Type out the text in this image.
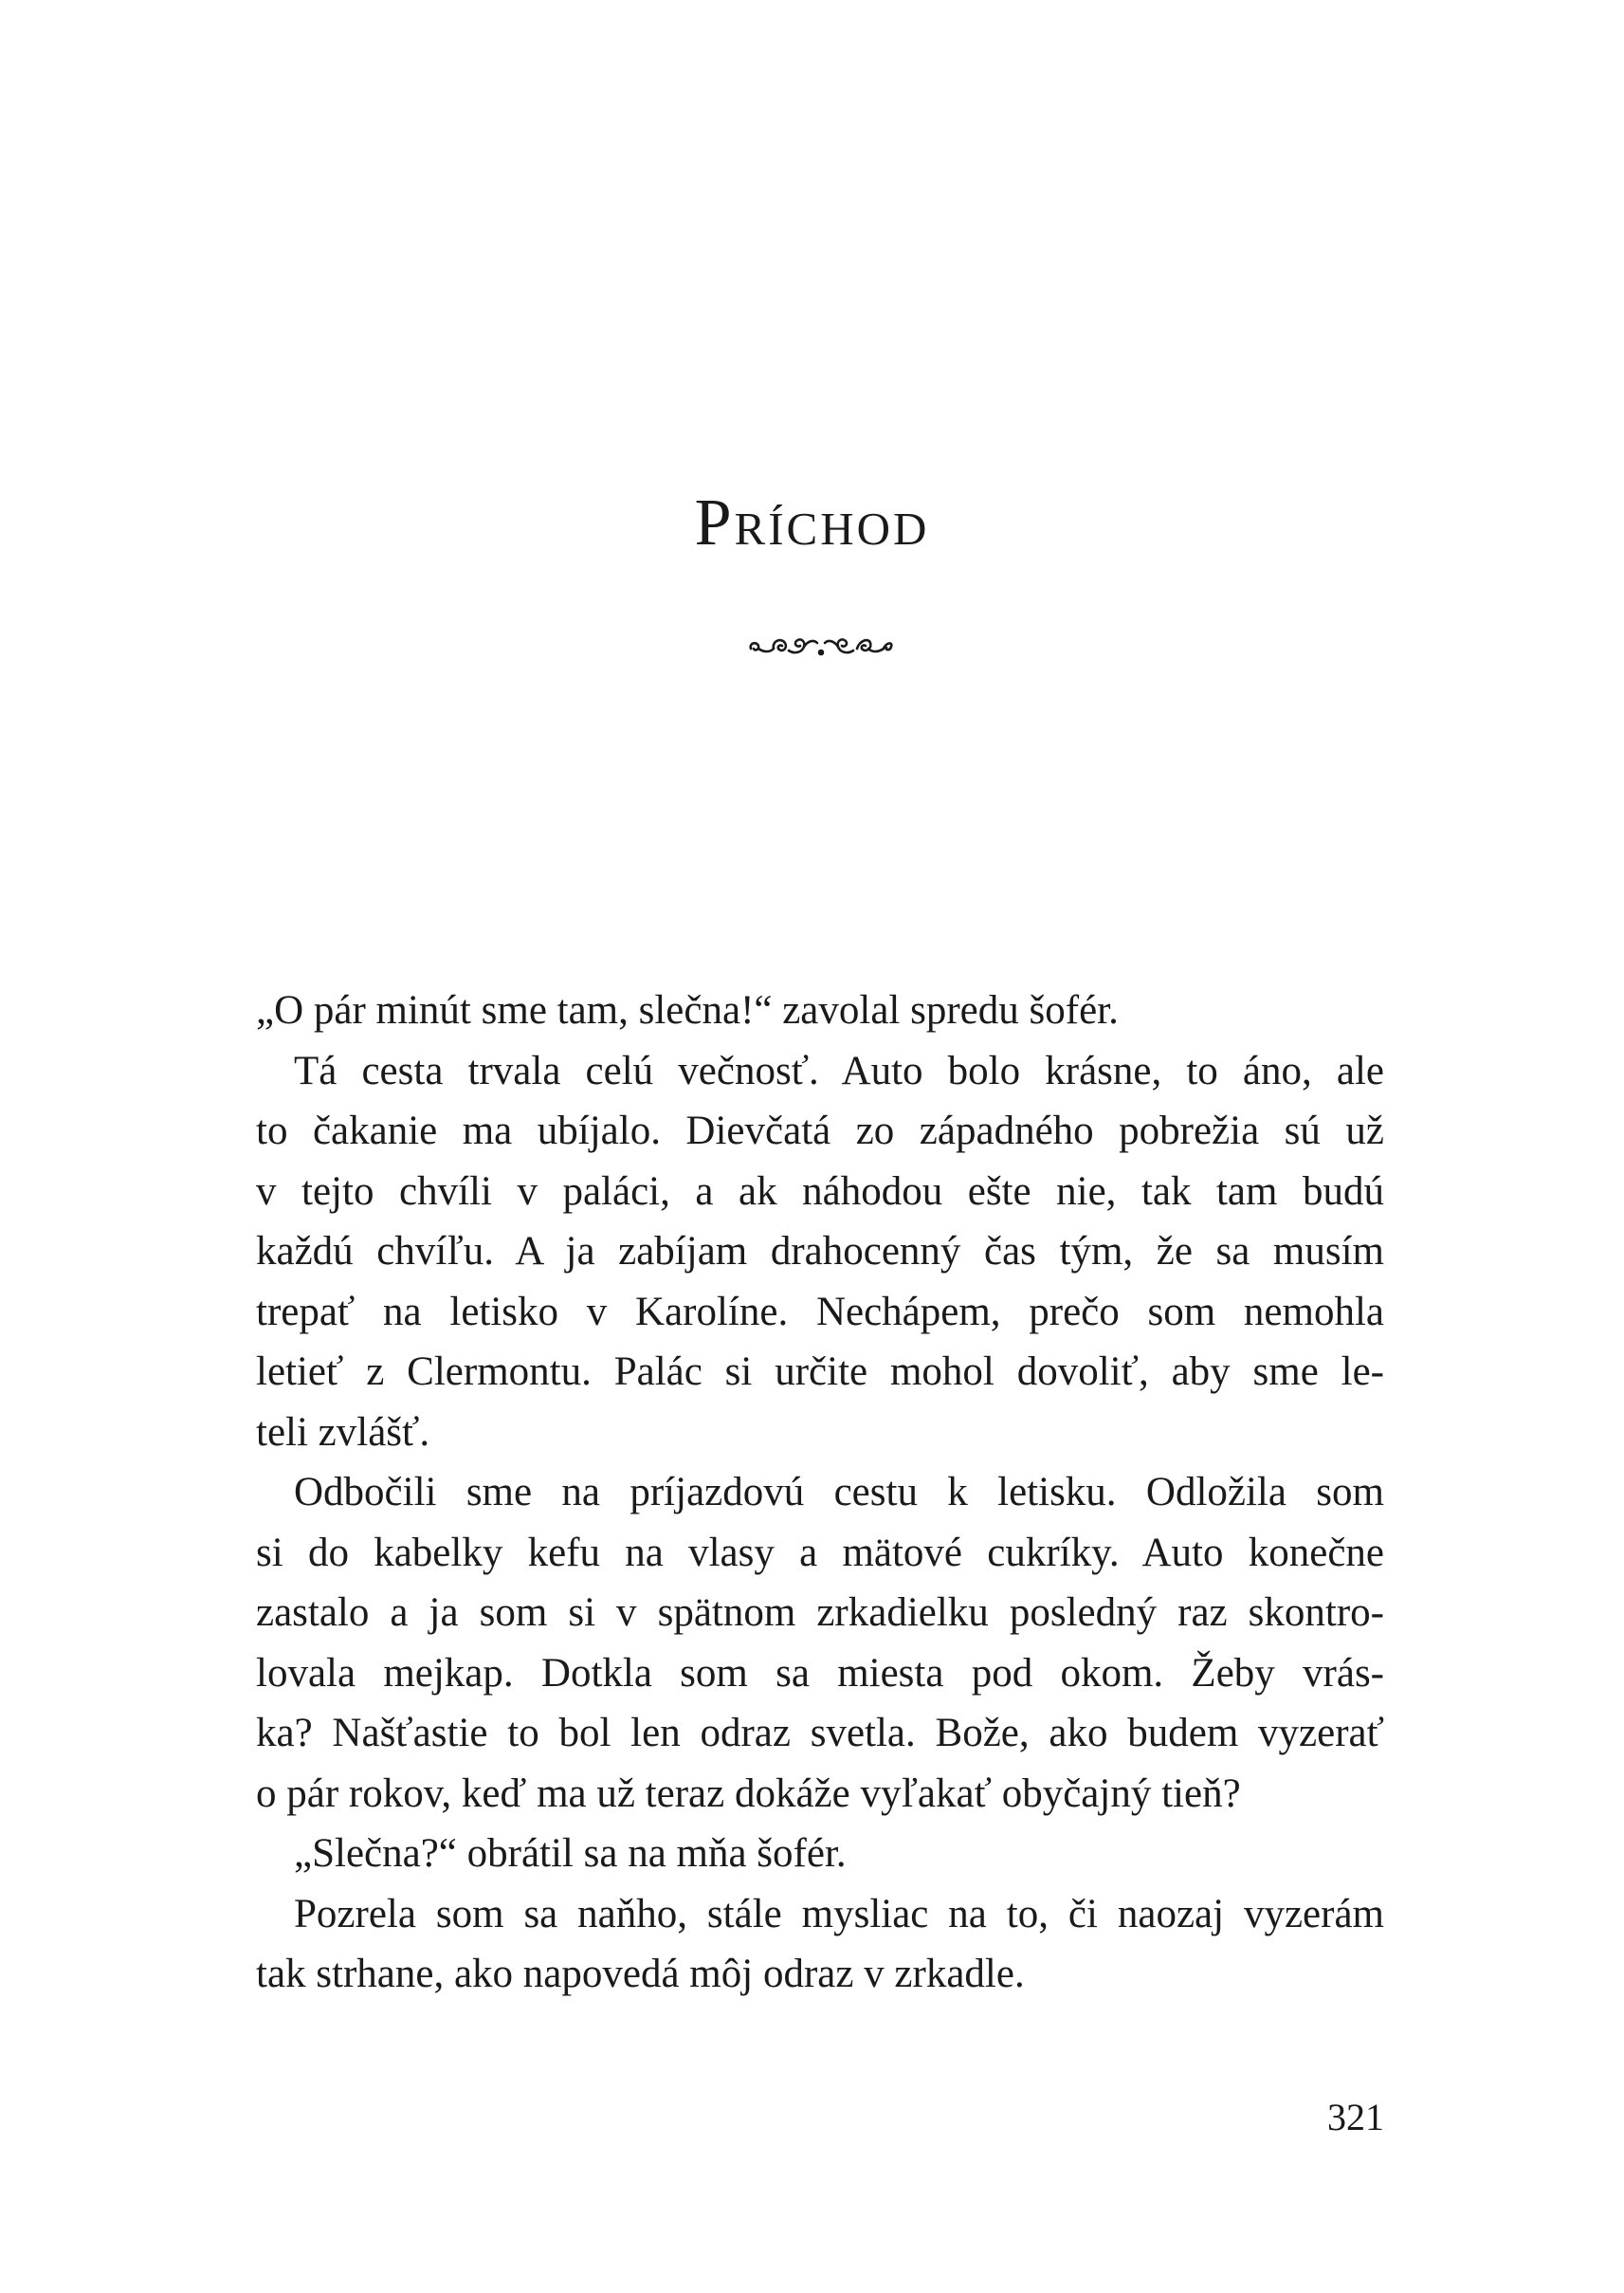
Príchod
„O pár minút sme tam, slečna!“ zavolal spredu šofér.
Tá cesta trvala celú večnosť. Auto bolo krásne, to áno, ale
to čakanie ma ubíjalo. Dievčatá zo západného pobrežia sú už
v tejto chvíli v paláci, a ak náhodou ešte nie, tak tam budú
každú chvíľu. A ja zabíjam drahocenný čas tým, že sa musím
trepať na letisko v Karolíne. Nechápem, prečo som nemohla
letieť z Clermontu. Palác si určite mohol dovoliť, aby sme le-
teli zvlášť.
Odbočili sme na príjazdovú cestu k letisku. Odložila som
si do kabelky kefu na vlasy a mätové cukríky. Auto konečne
zastalo a ja som si v spätnom zrkadielku posledný raz skontro-
lovala mejkap. Dotkla som sa miesta pod okom. Žeby vrás-
ka? Našťastie to bol len odraz svetla. Bože, ako budem vyzerať
o pár rokov, keď ma už teraz dokáže vyľakať obyčajný tieň?
„Slečna?“ obrátil sa na mňa šofér.
Pozrela som sa naňho, stále mysliac na to, či naozaj vyzerám
tak strhane, ako napovedá môj odraz v zrkadle.
321
